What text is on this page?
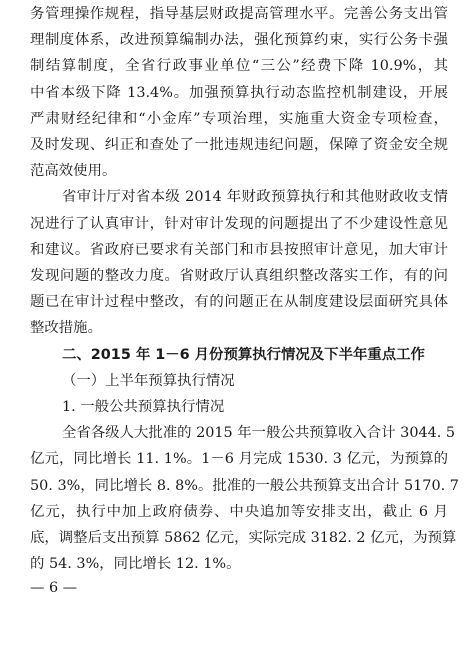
务管理操作规程，指导基层财政提高管理水平。完善公务支出管
理制度体系，改进预算编制办法，强化预算约束，实行公务卡强
制结算制度，全省行政事业单位“三公”经费下降 10.9%，其
中省本级下降 13.4%。加强预算执行动态监控机制建设，开展
严肃财经纪律和“小金库”专项治理，实施重大资金专项检查，
及时发现、纠正和查处了一批违规违纪问题，保障了资金安全规
范高效使用。
省审计厅对省本级 2014 年财政预算执行和其他财政收支情
况进行了认真审计，针对审计发现的问题提出了不少建设性意见
和建议。省政府已要求有关部门和市县按照审计意见，加大审计
发现问题的整改力度。省财政厅认真组织整改落实工作，有的问
题已在审计过程中整改，有的问题正在从制度建设层面研究具体
整改措施。
二、2015 年 1－6 月份预算执行情况及下半年重点工作
（一）上半年预算执行情况
1. 一般公共预算执行情况
全省各级人大批准的 2015 年一般公共预算收入合计 3044. 5
亿元，同比增长 11. 1%。1－6 月完成 1530. 3 亿元，为预算的
50. 3%，同比增长 8. 8%。批准的一般公共预算支出合计 5170. 7
亿元，执行中加上政府债券、中央追加等安排支出，截止 6 月
底，调整后支出预算 5862 亿元，实际完成 3182. 2 亿元，为预算
的 54. 3%，同比增长 12. 1%。
— 6 —
